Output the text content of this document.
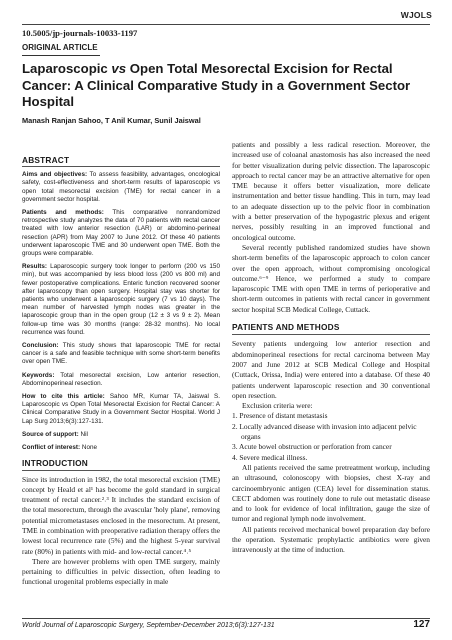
WJOLS
10.5005/jp-journals-10033-1197
ORIGINAL ARTICLE
Laparoscopic vs Open Total Mesorectal Excision for Rectal Cancer: A Clinical Comparative Study in a Government Sector Hospital
Manash Ranjan Sahoo, T Anil Kumar, Sunil Jaiswal
ABSTRACT

Aims and objectives: To assess feasibility, advantages, oncological safety, cost-effectiveness and short-term results of laparoscopic vs open total mesorectal excision (TME) for rectal cancer in a government sector hospital.

Patients and methods: This comparative nonrandomized retrospective study analyzes the data of 70 patients with rectal cancer treated with low anterior resection (LAR) or abdomino-perineal resection (APR) from May 2007 to June 2012. Of these 40 patients underwent laparoscopic TME and 30 underwent open TME. Both the groups were comparable.

Results: Laparoscopic surgery took longer to perform (200 vs 150 min), but was accompanied by less blood loss (200 vs 800 ml) and fewer postoperative complications. Enteric function recovered sooner after laparoscopy than open surgery. Hospital stay was shorter for patients who underwent a laparoscopic surgery (7 vs 10 days). The mean number of harvested lymph nodes was greater in the laparoscopic group than in the open group (12 ± 3 vs 9 ± 2). Mean follow-up time was 30 months (range: 28-32 months). No local recurrence was found.

Conclusion: This study shows that laparoscopic TME for rectal cancer is a safe and feasible technique with some short-term benefits over open TME.

Keywords: Total mesorectal excision, Low anterior resection, Abdominoperineal resection.

How to cite this article: Sahoo MR, Kumar TA, Jaiswal S. Laparoscopic vs Open Total Mesorectal Excision for Rectal Cancer: A Clinical Comparative Study in a Government Sector Hospital. World J Lap Surg 2013;6(3):127-131.

Source of support: Nil

Conflict of interest: None

INTRODUCTION

Since its introduction in 1982, the total mesorectal excision (TME) concept by Heald et al¹ has become the gold standard in surgical treatment of rectal cancer.²˒³ It includes the standard excision of the total mesorectum, through the avascular 'holy plane', removing potential micrometastases enclosed in the mesorectum. At present, TME in combination with preoperative radiation therapy offers the lowest local recurrence rate (5%) and the highest 5-year survival rate (80%) in patients with mid- and low-rectal cancer.⁴˒⁵

There are however problems with open TME surgery, mainly pertaining to difficulties in pelvic dissection, often leading to functional urogenital problems especially in male

patients and possibly a less radical resection. Moreover, the increased use of coloanal anastomosis has also increased the need for better visualization during pelvic dissection. The laparoscopic approach to rectal cancer may be an attractive alternative for open TME because it offers better visualization, more delicate instrumentation and better tissue handling. This in turn, may lead to an adequate dissection up to the pelvic floor in combination with a better preservation of the hypogastric plexus and erigent nerves, possibly resulting in an improved functional and oncological outcome.

Several recently published randomized studies have shown short-term benefits of the laparoscopic approach to colon cancer over the open approach, without compromising oncological outcome.⁶⁻⁹ Hence, we performed a study to compare laparoscopic TME with open TME in terms of perioperative and short-term outcomes in patients with rectal cancer in government sector hospital SCB Medical College, Cuttack.

PATIENTS AND METHODS

Seventy patients undergoing low anterior resection and abdominoperineal resections for rectal carcinoma between May 2007 and June 2012 at SCB Medical College and Hospital (Cuttack, Orissa, India) were entered into a database. Of these 40 patients underwent laparoscopic resection and 30 conventional open resection.

Exclusion criteria were:

1. Presence of distant metastasis
2. Locally advanced disease with invasion into adjacent pelvic organs
3. Acute bowel obstruction or perforation from cancer
4. Severe medical illness.

All patients received the same pretreatment workup, including an ultrasound, colonoscopy with biopsies, chest X-ray and carcinoembryonic antigen (CEA) level for dissemination status. CECT abdomen was routinely done to rule out metastatic disease and to look for evidence of local infiltration, gauge the size of tumor and regional lymph node involvement.

All patients received mechanical bowel preparation day before the operation. Systematic prophylactic antibiotics were given intravenously at the time of induction.

World Journal of Laparoscopic Surgery, September-December 2013;6(3):127-131	127
